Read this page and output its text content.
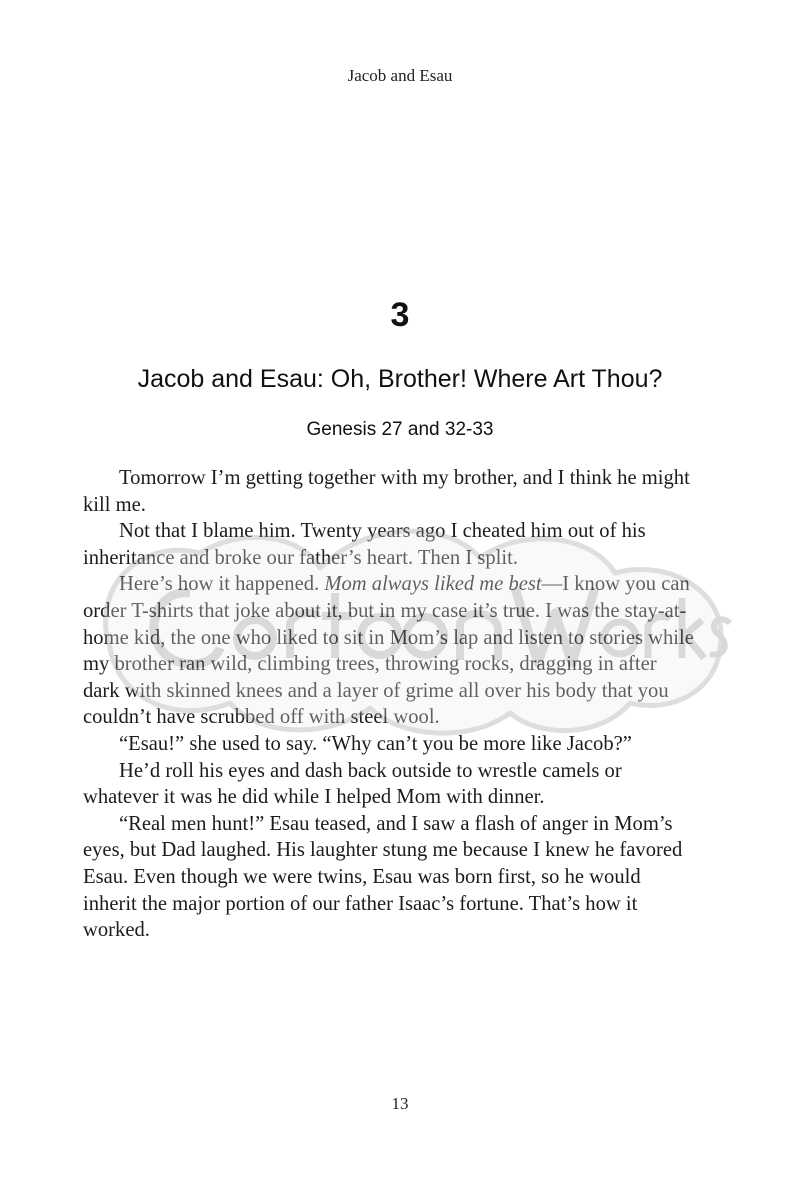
Jacob and Esau
3
Jacob and Esau: Oh, Brother! Where Art Thou?
Genesis 27 and 32-33

Tomorrow I’m getting together with my brother, and I think he might kill me.

Not that I blame him. Twenty years ago I cheated him out of his inheritance and broke our father’s heart. Then I split.

Here’s how it happened. Mom always liked me best—I know you can order T-shirts that joke about it, but in my case it’s true. I was the stay-at-home kid, the one who liked to sit in Mom’s lap and listen to stories while my brother ran wild, climbing trees, throwing rocks, dragging in after dark with skinned knees and a layer of grime all over his body that you couldn’t have scrubbed off with steel wool.

“Esau!” she used to say. “Why can’t you be more like Jacob?”

He’d roll his eyes and dash back outside to wrestle camels or whatever it was he did while I helped Mom with dinner.

“Real men hunt!” Esau teased, and I saw a flash of anger in Mom’s eyes, but Dad laughed. His laughter stung me because I knew he favored Esau. Even though we were twins, Esau was born first, so he would inherit the major portion of our father Isaac’s fortune. That’s how it worked.

13
